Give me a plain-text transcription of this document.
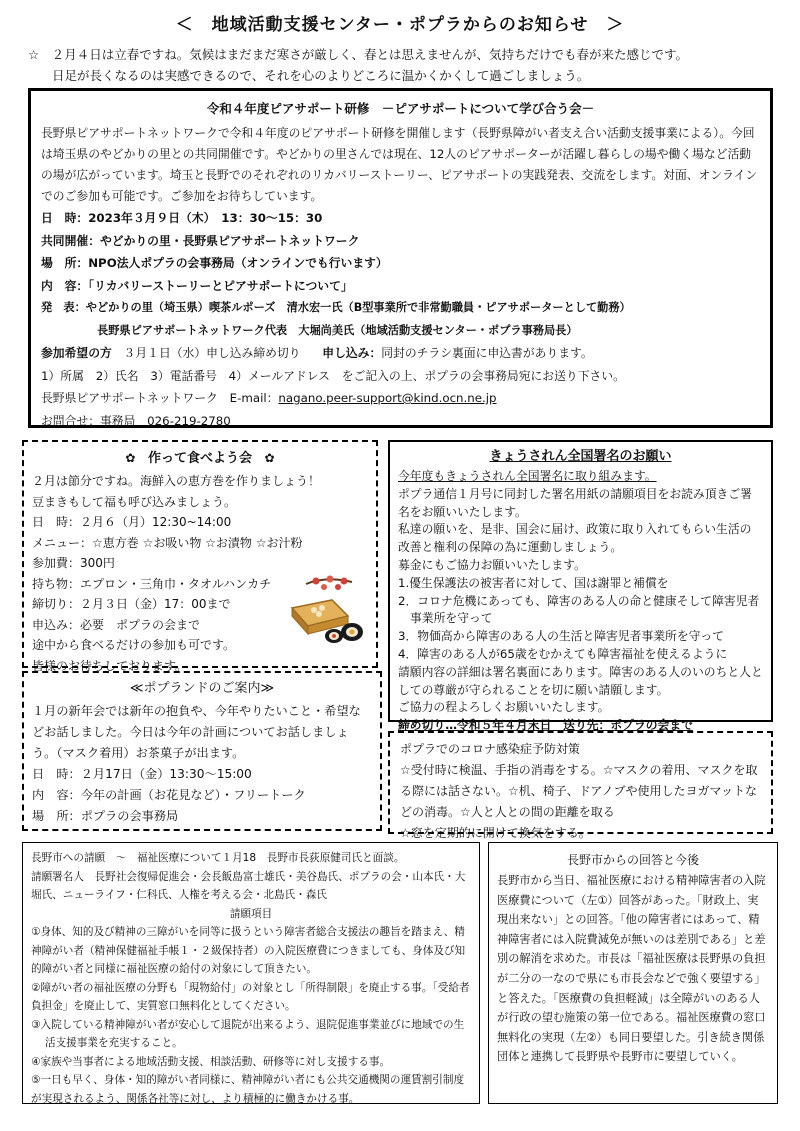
＜　地域活動支援センター・ポプラからのお知らせ　＞
☆　２月４日は立春ですね。気候はまだまだ寒さが厳しく、春とは思えませんが、気持ちだけでも春が来た感じです。
日足が長くなるのは実感できるので、それを心のよりどころに温かくかくして過ごしましょう。
令和４年度ピアサポート研修　－ピアサポートについて学び合う会－
長野県ピアサポートネットワークで令和４年度のピアサポート研修を開催します（長野県障がい者支え合い活動支援事業による）。今回は埼玉県のやどかりの里との共同開催です。やどかりの里さんでは現在、12人のピアサポーターが活躍し暮らしの場や働く場など活動の場が広がっています。埼玉と長野でのそれぞれのリカバリーストーリー、ピアサポートの実践発表、交流をします。対面、オンラインでのご参加も可能です。ご参加をお待ちしています。
日　時：2023年３月９日（木）　13：30～15：30
共同開催：やどかりの里・長野県ピアサポートネットワーク
場　所：NPO法人ポプラの会事務局（オンラインでも行います）
内　容：「リカバリーストーリーとピアサポートについて」
発　表：やどかりの里（埼玉県）喫茶ルポーズ　清水宏一氏（B型事業所で非常勤職員・ピアサポーターとして勤務）
長野県ピアサポートネットワーク代表　大堀尚美氏（地域活動支援センター・ポプラ事務局長）
参加希望の方 ３月１日（水）申し込み締め切り 申し込み：同封のチラシ裏面に申込書があります。
1）所属　2）氏名　3）電話番号　4）メールアドレス　をご記入の上、ポプラの会事務局宛にお送り下さい。
長野県ピアサポートネットワーク　E-mail：nagano.peer-support@kind.ocn.ne.jp
お問合せ：事務局　026-219-2780
✿ 作って食べよう会 ✿
２月は節分ですね。海鮮入の恵方巻を作りましょう！
豆まきもして福も呼び込みましょう。
日　時：２月６（月）12:30~14:00
メニュー：☆恵方巻 ☆お吸い物 ☆お漬物 ☆お汁粉
参加費：300円
持ち物：エプロン・三角巾・タオルハンカチ
締切り：２月３日（金）17：00まで
申込み：必要　ポプラの会まで
途中から食べるだけの参加も可です。
皆様のお待ちしております。
≪ポプランドのご案内≫
１月の新年会では新年の抱負や、今年やりたいこと・希望などお話しました。今日は今年の計画についてお話しましょう。（マスク着用）お茶菓子が出ます。
日　時：２月17日（金）13:30～15:00
内　容：今年の計画（お花見など）・フリートーク
場　所：ポプラの会事務局
きょうされん全国署名のお願い
今年度もきょうされん全国署名に取り組みます。
ポプラ通信１月号に同封した署名用紙の請願項目をお読み頂きご署名をお願いいたします。
私達の願いを、是非、国会に届け、政策に取り入れてもらい生活の改善と権利の保障の為に運動しましょう。
募金にもご協力お願いいたします。
1.優生保護法の被害者に対して、国は謝罪と補償を
2．コロナ危機にあっても、障害のある人の命と健康そして障害児者事業所を守って
3．物価高から障害のある人の生活と障害児者事業所を守って
4．障害のある人が65歳をむかえても障害福祉を使えるように
請願内容の詳細は署名裏面にあります。障害のある人のいのちと人としての尊厳が守られることを切に願い請願します。
ご協力の程よろしくお願いいたします。
締め切り…令和５年４月末日　送り先：ポプラの会まで
ポプラでのコロナ感染症予防対策
☆受付時に検温、手指の消毒をする。☆マスクの着用、マスクを取る際には話さない。☆机、椅子、ドアノブや使用したヨガマットなどの消毒。☆人と人との間の距離を取る
☆窓を定期的に開けて換気をする。
長野市への請願　～　福祉医療について１月18　長野市長荻原健司氏と面談。
請願署名人　長野社会復帰促進会・会長飯島富士雄氏・美谷島氏、ポプラの会・山本氏・大堀氏、ニューライフ・仁科氏、人権を考える会・北島氏・森氏
請願項目
①身体、知的及び精神の三障がいを同等に扱うという障害者総合支援法の趣旨を踏まえ、精神障がい者（精神保健福祉手帳１・２級保持者）の入院医療費につきましても、身体及び知的障がい者と同様に福祉医療の給付の対象にして頂きたい。
②障がい者の福祉医療の分野も「現物給付」の対象とし「所得制限」を廃止する事。「受給者負担金」を廃止して、実質窓口無料化としてください。
③入院している精神障がい者が安心して退院が出来るよう、退院促進事業並びに地域での生活支援事業を充実すること。
④家族や当事者による地域活動支援、相談活動、研修等に対し支援する事。
⑤一日も早く、身体・知的障がい者同様に、精神障がい者にも公共交通機関の運賃割引制度が実現されるよう、関係各社等に対し、より積極的に働きかける事。
長野市からの回答と今後
長野市から当日、福祉医療における精神障害者の入院医療費について（左①）回答があった。「財政上、実現出来ない」との回答。「他の障害者にはあって、精神障害者には入院費減免が無いのは差別である」と差別の解消を求めた。市長は「福祉医療は長野県の負担が二分の一なので県にも市長会などで強く要望する」と答えた。「医療費の負担軽減」は全障がいのある人が行政の望む施策の第一位である。福祉医療費の窓口無料化の実現（左②）も同日要望した。引き続き関係団体と連携して長野県や長野市に要望していく。
